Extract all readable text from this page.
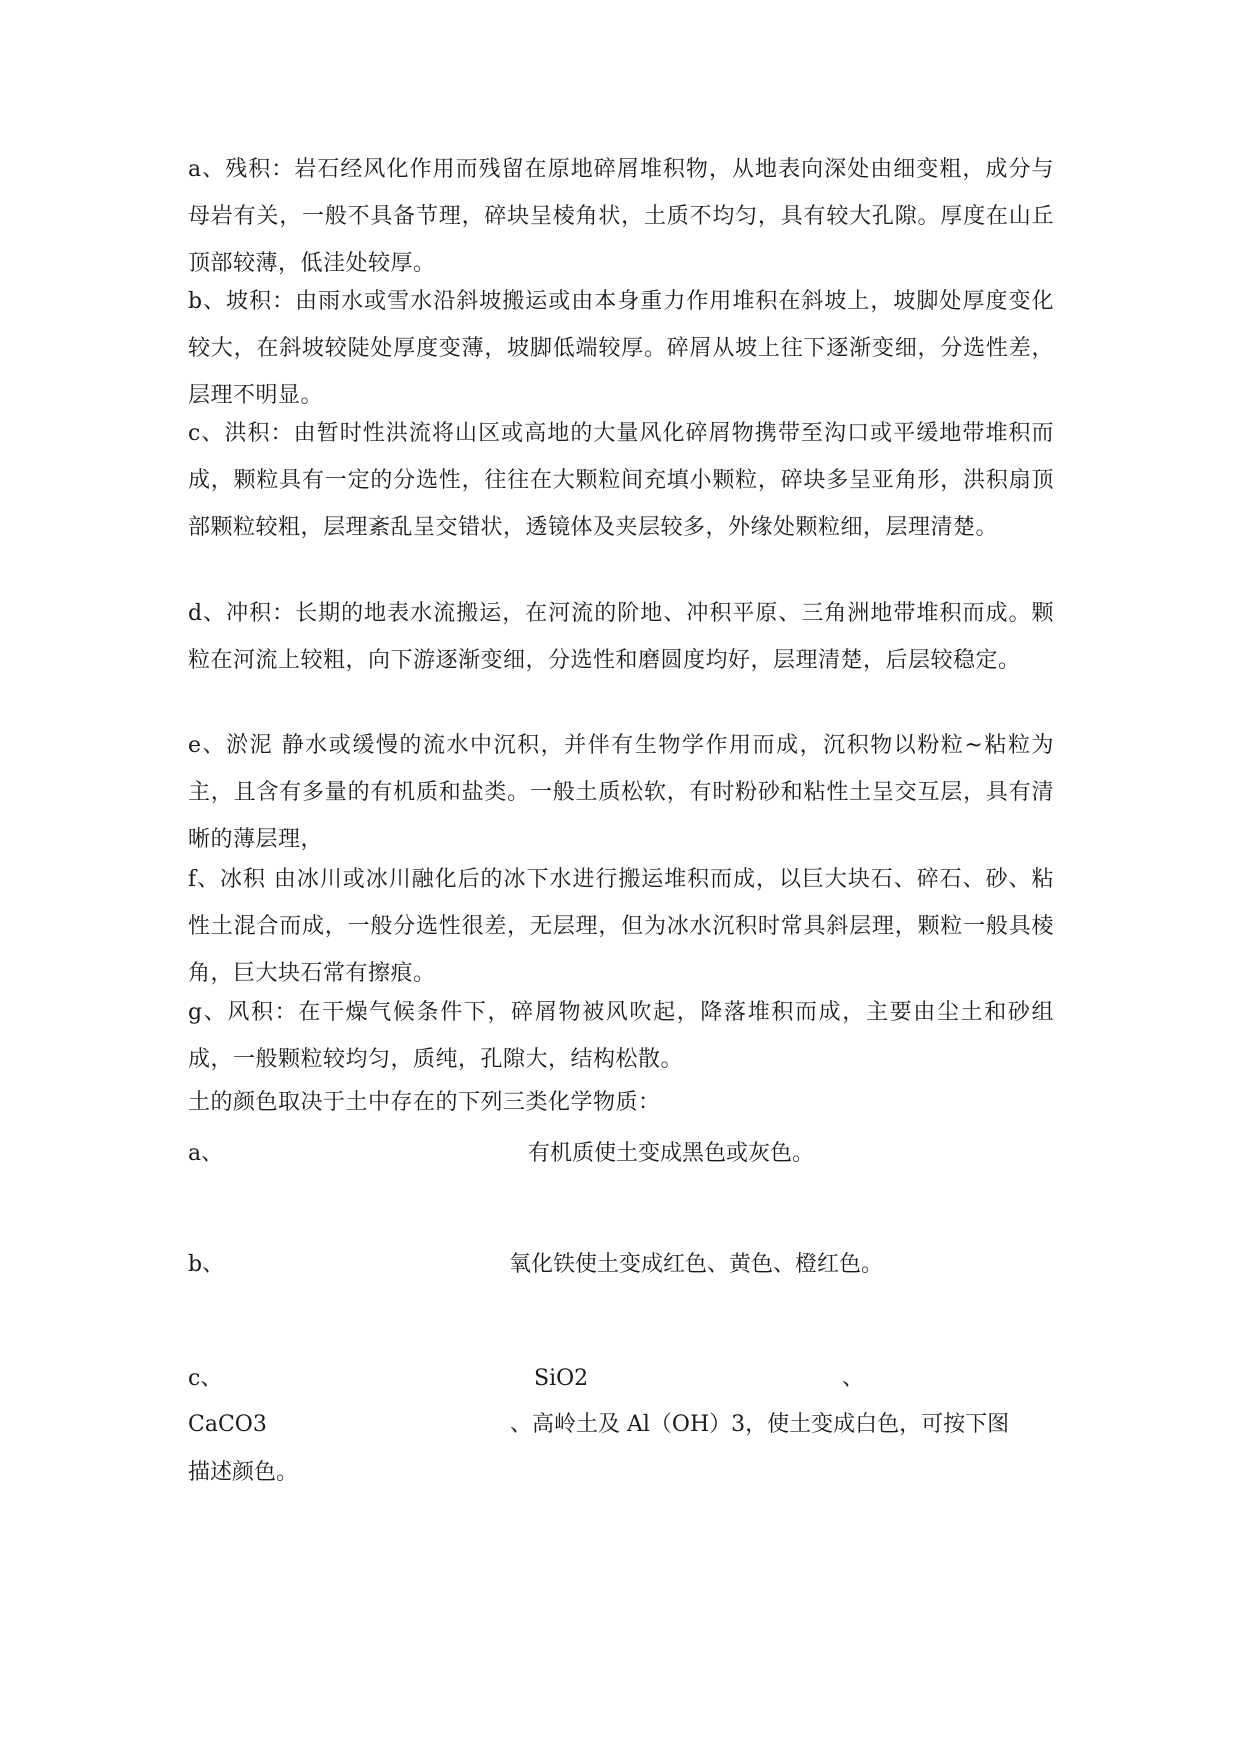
a、残积：岩石经风化作用而残留在原地碎屑堆积物，从地表向深处由细变粗，成分与母岩有关，一般不具备节理，碎块呈棱角状，土质不均匀，具有较大孔隙。厚度在山丘顶部较薄，低洼处较厚。

b、坡积：由雨水或雪水沿斜坡搬运或由本身重力作用堆积在斜坡上，坡脚处厚度变化较大，在斜坡较陡处厚度变薄，坡脚低端较厚。碎屑从坡上往下逐渐变细，分选性差，层理不明显。

c、洪积：由暂时性洪流将山区或高地的大量风化碎屑物携带至沟口或平缓地带堆积而成，颗粒具有一定的分选性，往往在大颗粒间充填小颗粒，碎块多呈亚角形，洪积扇顶部颗粒较粗，层理紊乱呈交错状，透镜体及夹层较多，外缘处颗粒细，层理清楚。

d、冲积：长期的地表水流搬运，在河流的阶地、冲积平原、三角洲地带堆积而成。颗粒在河流上较粗，向下游逐渐变细，分选性和磨圆度均好，层理清楚，后层较稳定。

e、淤泥 静水或缓慢的流水中沉积，并伴有生物学作用而成，沉积物以粉粒~粘粒为主，且含有多量的有机质和盐类。一般土质松软，有时粉砂和粘性土呈交互层，具有清晰的薄层理，

f、冰积 由冰川或冰川融化后的冰下水进行搬运堆积而成，以巨大块石、碎石、砂、粘性土混合而成，一般分选性很差，无层理，但为冰水沉积时常具斜层理，颗粒一般具棱角，巨大块石常有擦痕。

g、风积：在干燥气候条件下，碎屑物被风吹起，降落堆积而成，主要由尘土和砂组成，一般颗粒较均匀，质纯，孔隙大，结构松散。

土的颜色取决于土中存在的下列三类化学物质：

a、	有机质使土变成黑色或灰色。
b、	氧化铁使土变成红色、黄色、橙红色。
c、	SiO2	、
CaCO3	、高岭土及 Al（OH）3，使土变成白色，可按下图
描述颜色。
